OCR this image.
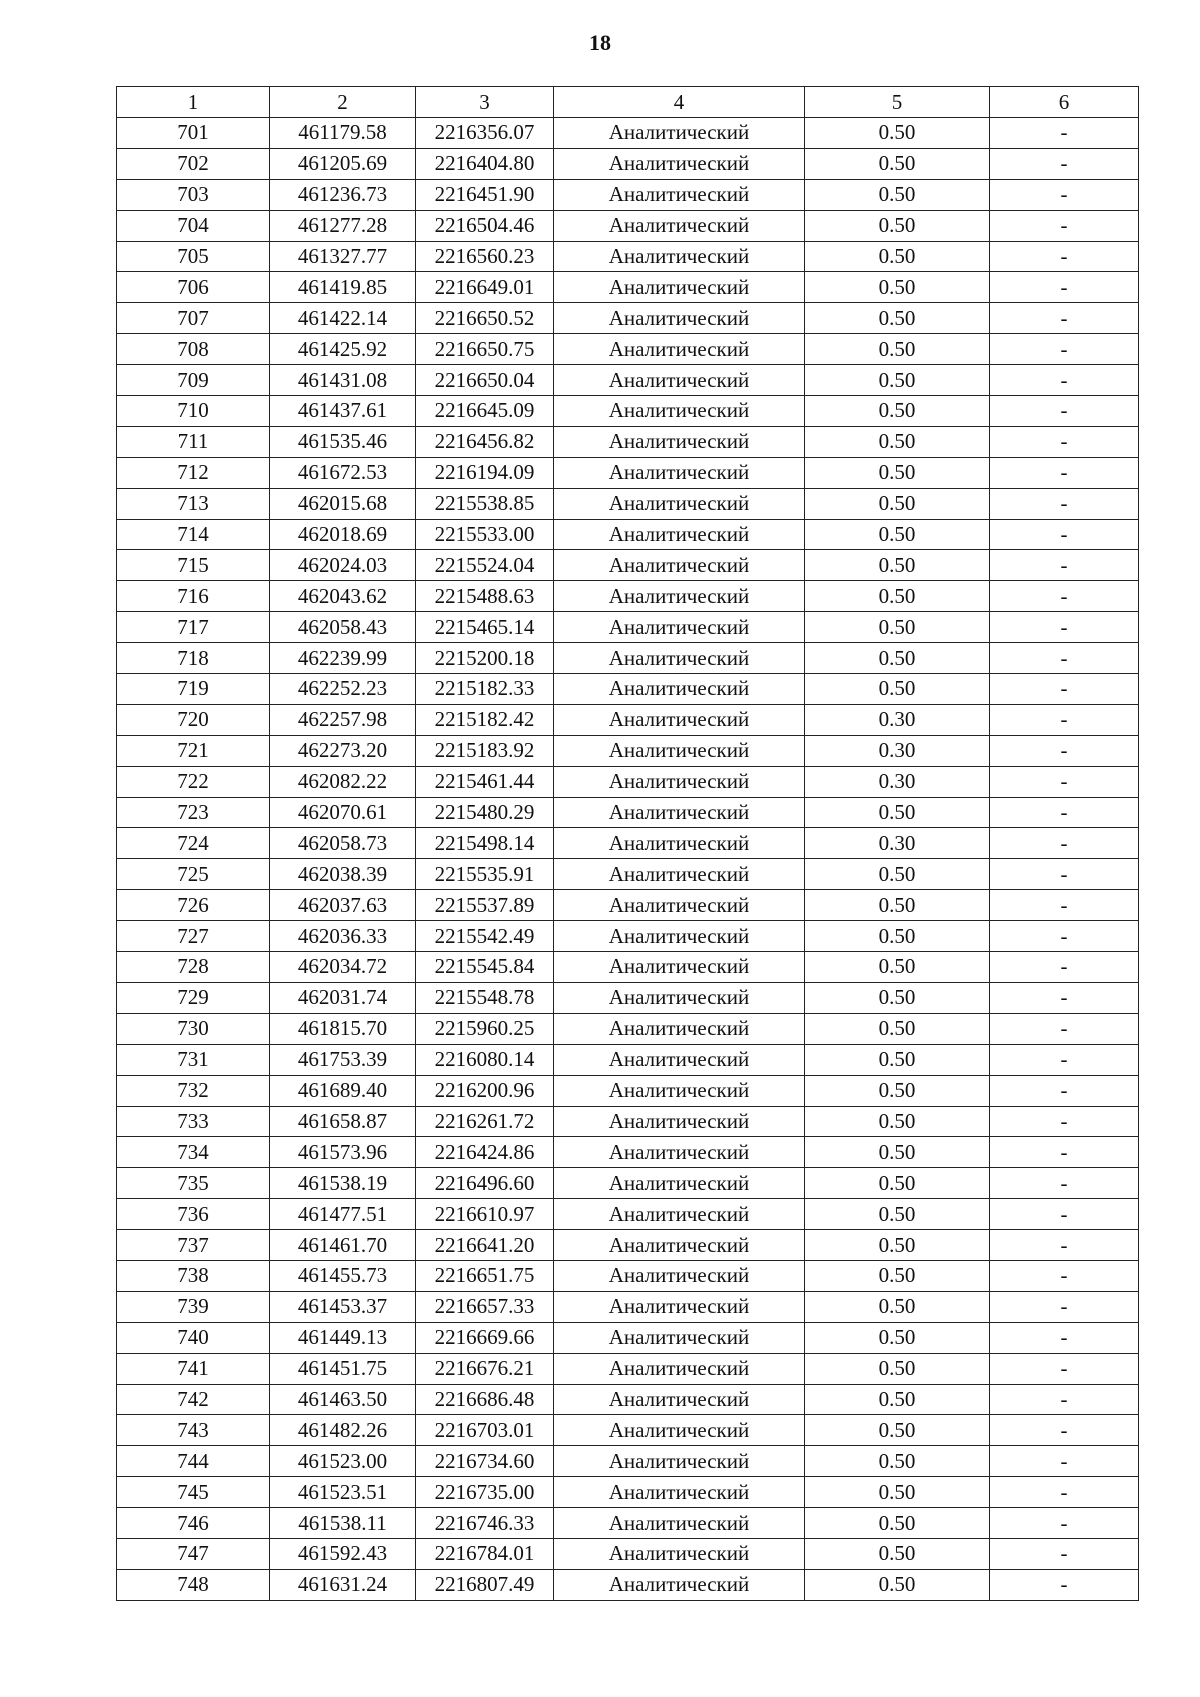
18
1	2	3	4	5	6
701	461179.58	2216356.07	Аналитический	0.50	-
702	461205.69	2216404.80	Аналитический	0.50	-
703	461236.73	2216451.90	Аналитический	0.50	-
704	461277.28	2216504.46	Аналитический	0.50	-
705	461327.77	2216560.23	Аналитический	0.50	-
706	461419.85	2216649.01	Аналитический	0.50	-
707	461422.14	2216650.52	Аналитический	0.50	-
708	461425.92	2216650.75	Аналитический	0.50	-
709	461431.08	2216650.04	Аналитический	0.50	-
710	461437.61	2216645.09	Аналитический	0.50	-
711	461535.46	2216456.82	Аналитический	0.50	-
712	461672.53	2216194.09	Аналитический	0.50	-
713	462015.68	2215538.85	Аналитический	0.50	-
714	462018.69	2215533.00	Аналитический	0.50	-
715	462024.03	2215524.04	Аналитический	0.50	-
716	462043.62	2215488.63	Аналитический	0.50	-
717	462058.43	2215465.14	Аналитический	0.50	-
718	462239.99	2215200.18	Аналитический	0.50	-
719	462252.23	2215182.33	Аналитический	0.50	-
720	462257.98	2215182.42	Аналитический	0.30	-
721	462273.20	2215183.92	Аналитический	0.30	-
722	462082.22	2215461.44	Аналитический	0.30	-
723	462070.61	2215480.29	Аналитический	0.50	-
724	462058.73	2215498.14	Аналитический	0.30	-
725	462038.39	2215535.91	Аналитический	0.50	-
726	462037.63	2215537.89	Аналитический	0.50	-
727	462036.33	2215542.49	Аналитический	0.50	-
728	462034.72	2215545.84	Аналитический	0.50	-
729	462031.74	2215548.78	Аналитический	0.50	-
730	461815.70	2215960.25	Аналитический	0.50	-
731	461753.39	2216080.14	Аналитический	0.50	-
732	461689.40	2216200.96	Аналитический	0.50	-
733	461658.87	2216261.72	Аналитический	0.50	-
734	461573.96	2216424.86	Аналитический	0.50	-
735	461538.19	2216496.60	Аналитический	0.50	-
736	461477.51	2216610.97	Аналитический	0.50	-
737	461461.70	2216641.20	Аналитический	0.50	-
738	461455.73	2216651.75	Аналитический	0.50	-
739	461453.37	2216657.33	Аналитический	0.50	-
740	461449.13	2216669.66	Аналитический	0.50	-
741	461451.75	2216676.21	Аналитический	0.50	-
742	461463.50	2216686.48	Аналитический	0.50	-
743	461482.26	2216703.01	Аналитический	0.50	-
744	461523.00	2216734.60	Аналитический	0.50	-
745	461523.51	2216735.00	Аналитический	0.50	-
746	461538.11	2216746.33	Аналитический	0.50	-
747	461592.43	2216784.01	Аналитический	0.50	-
748	461631.24	2216807.49	Аналитический	0.50	-
